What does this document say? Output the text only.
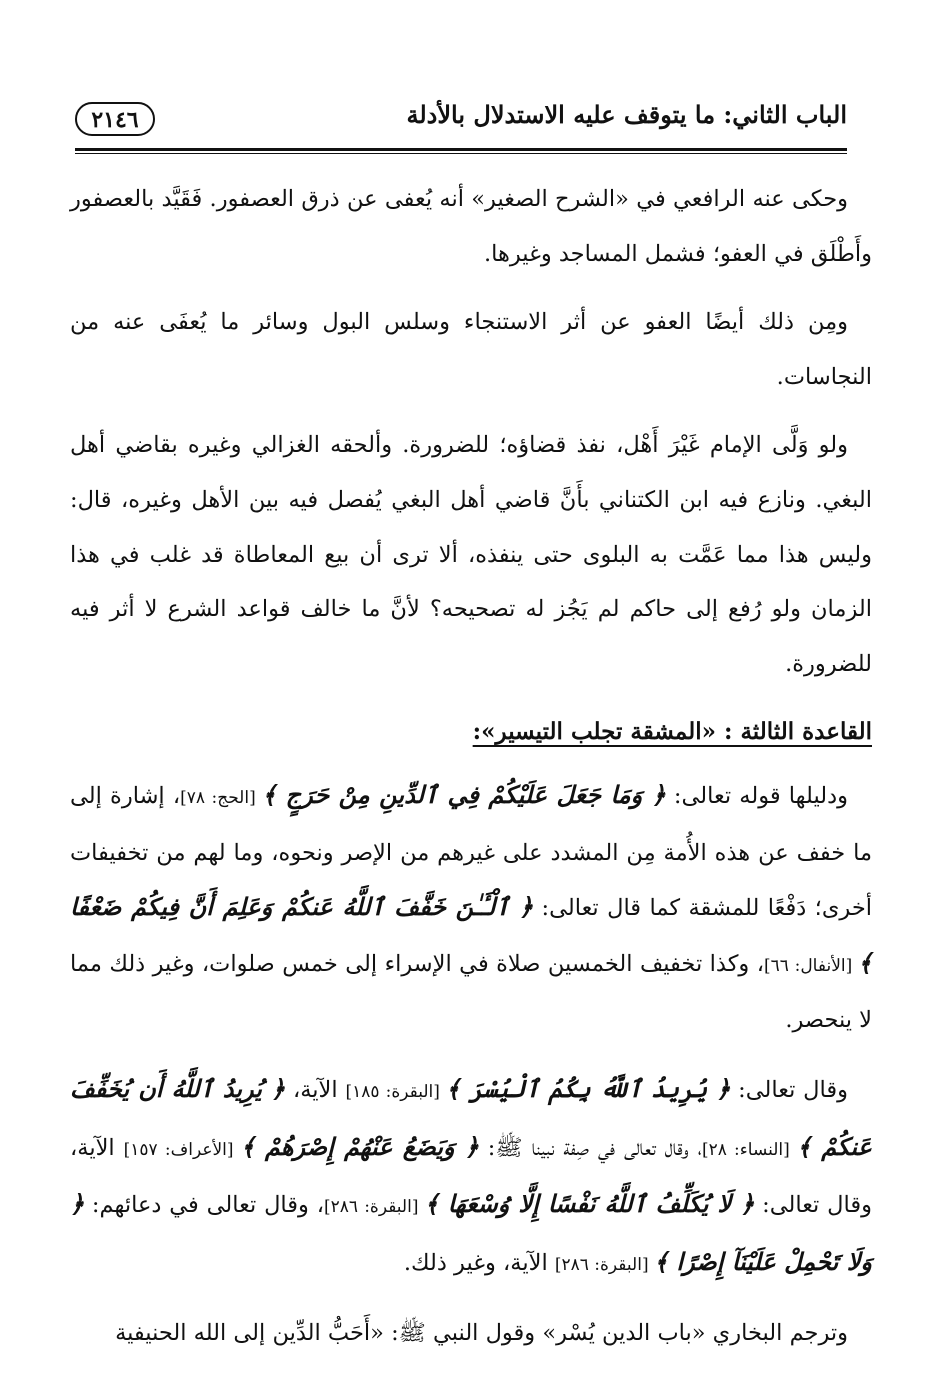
الباب الثاني: ما يتوقف عليه الاستدلال بالأدلة
٢١٤٦

وحكى عنه الرافعي في «الشرح الصغير» أنه يُعفى عن ذرق العصفور. فَقَيَّد بالعصفور وأَطْلَق في العفو؛ فشمل المساجد وغيرها.

ومِن ذلك أيضًا العفو عن أثر الاستنجاء وسلس البول وسائر ما يُعفَى عنه من النجاسات.

ولو وَلَّى الإمام غَيْرَ أَهْل، نفذ قضاؤه؛ للضرورة. وألحقه الغزالي وغيره بقاضي أهل البغي. ونازع فيه ابن الكتناني بأَنَّ قاضي أهل البغي يُفصل فيه بين الأهل وغيره، قال: وليس هذا مما عَمَّت به البلوى حتى ينفذه، ألا ترى أن بيع المعاطاة قد غلب في هذا الزمان ولو رُفع إلى حاكم لم يَجُز له تصحيحه؟ لأنَّ ما خالف قواعد الشرع لا أثر فيه للضرورة.

القاعدة الثالثة : «المشقة تجلب التيسير»:

ودليلها قوله تعالى: ﴿ وَمَا جَعَلَ عَلَيْكُمْ فِي ٱلدِّينِ مِنْ حَرَجٍ ﴾ [الحج: ٧٨]، إشارة إلى ما خفف عن هذه الأُمة مِن المشدد على غيرهم من الإصر ونحوه، وما لهم من تخفيفات أخرى؛ دَفْعًا للمشقة كما قال تعالى: ﴿ ٱلْـَٔـٰنَ خَفَّفَ ٱللَّهُ عَنكُمْ وَعَلِمَ أَنَّ فِيكُمْ ضَعْفًا ﴾ [الأنفال: ٦٦]، وكذا تخفيف الخمسين صلاة في الإسراء إلى خمس صلوات، وغير ذلك مما لا ينحصر.

وقال تعالى: ﴿ يُرِيدُ ٱللَّهُ بِكُمُ ٱلْيُسْرَ ﴾ [البقرة: ١٨٥] الآية، ﴿ يُرِيدُ ٱللَّهُ أَن يُخَفِّفَ عَنكُمْ ﴾ [النساء: ٢٨]، وقال تعالى في صِفة نبينا ﷺ: ﴿ وَيَضَعُ عَنْهُمْ إِصْرَهُمْ ﴾ [الأعراف: ١٥٧] الآية، وقال تعالى: ﴿ لَا يُكَلِّفُ ٱللَّهُ نَفْسًا إِلَّا وُسْعَهَا ﴾ [البقرة: ٢٨٦]، وقال تعالى في دعائهم: ﴿ وَلَا تَحْمِلْ عَلَيْنَآ إِصْرًا ﴾ [البقرة: ٢٨٦] الآية، وغير ذلك.

وترجم البخاري «باب الدين يُسْر» وقول النبي ﷺ: «أَحَبُّ الدِّين إلى الله الحنيفية
